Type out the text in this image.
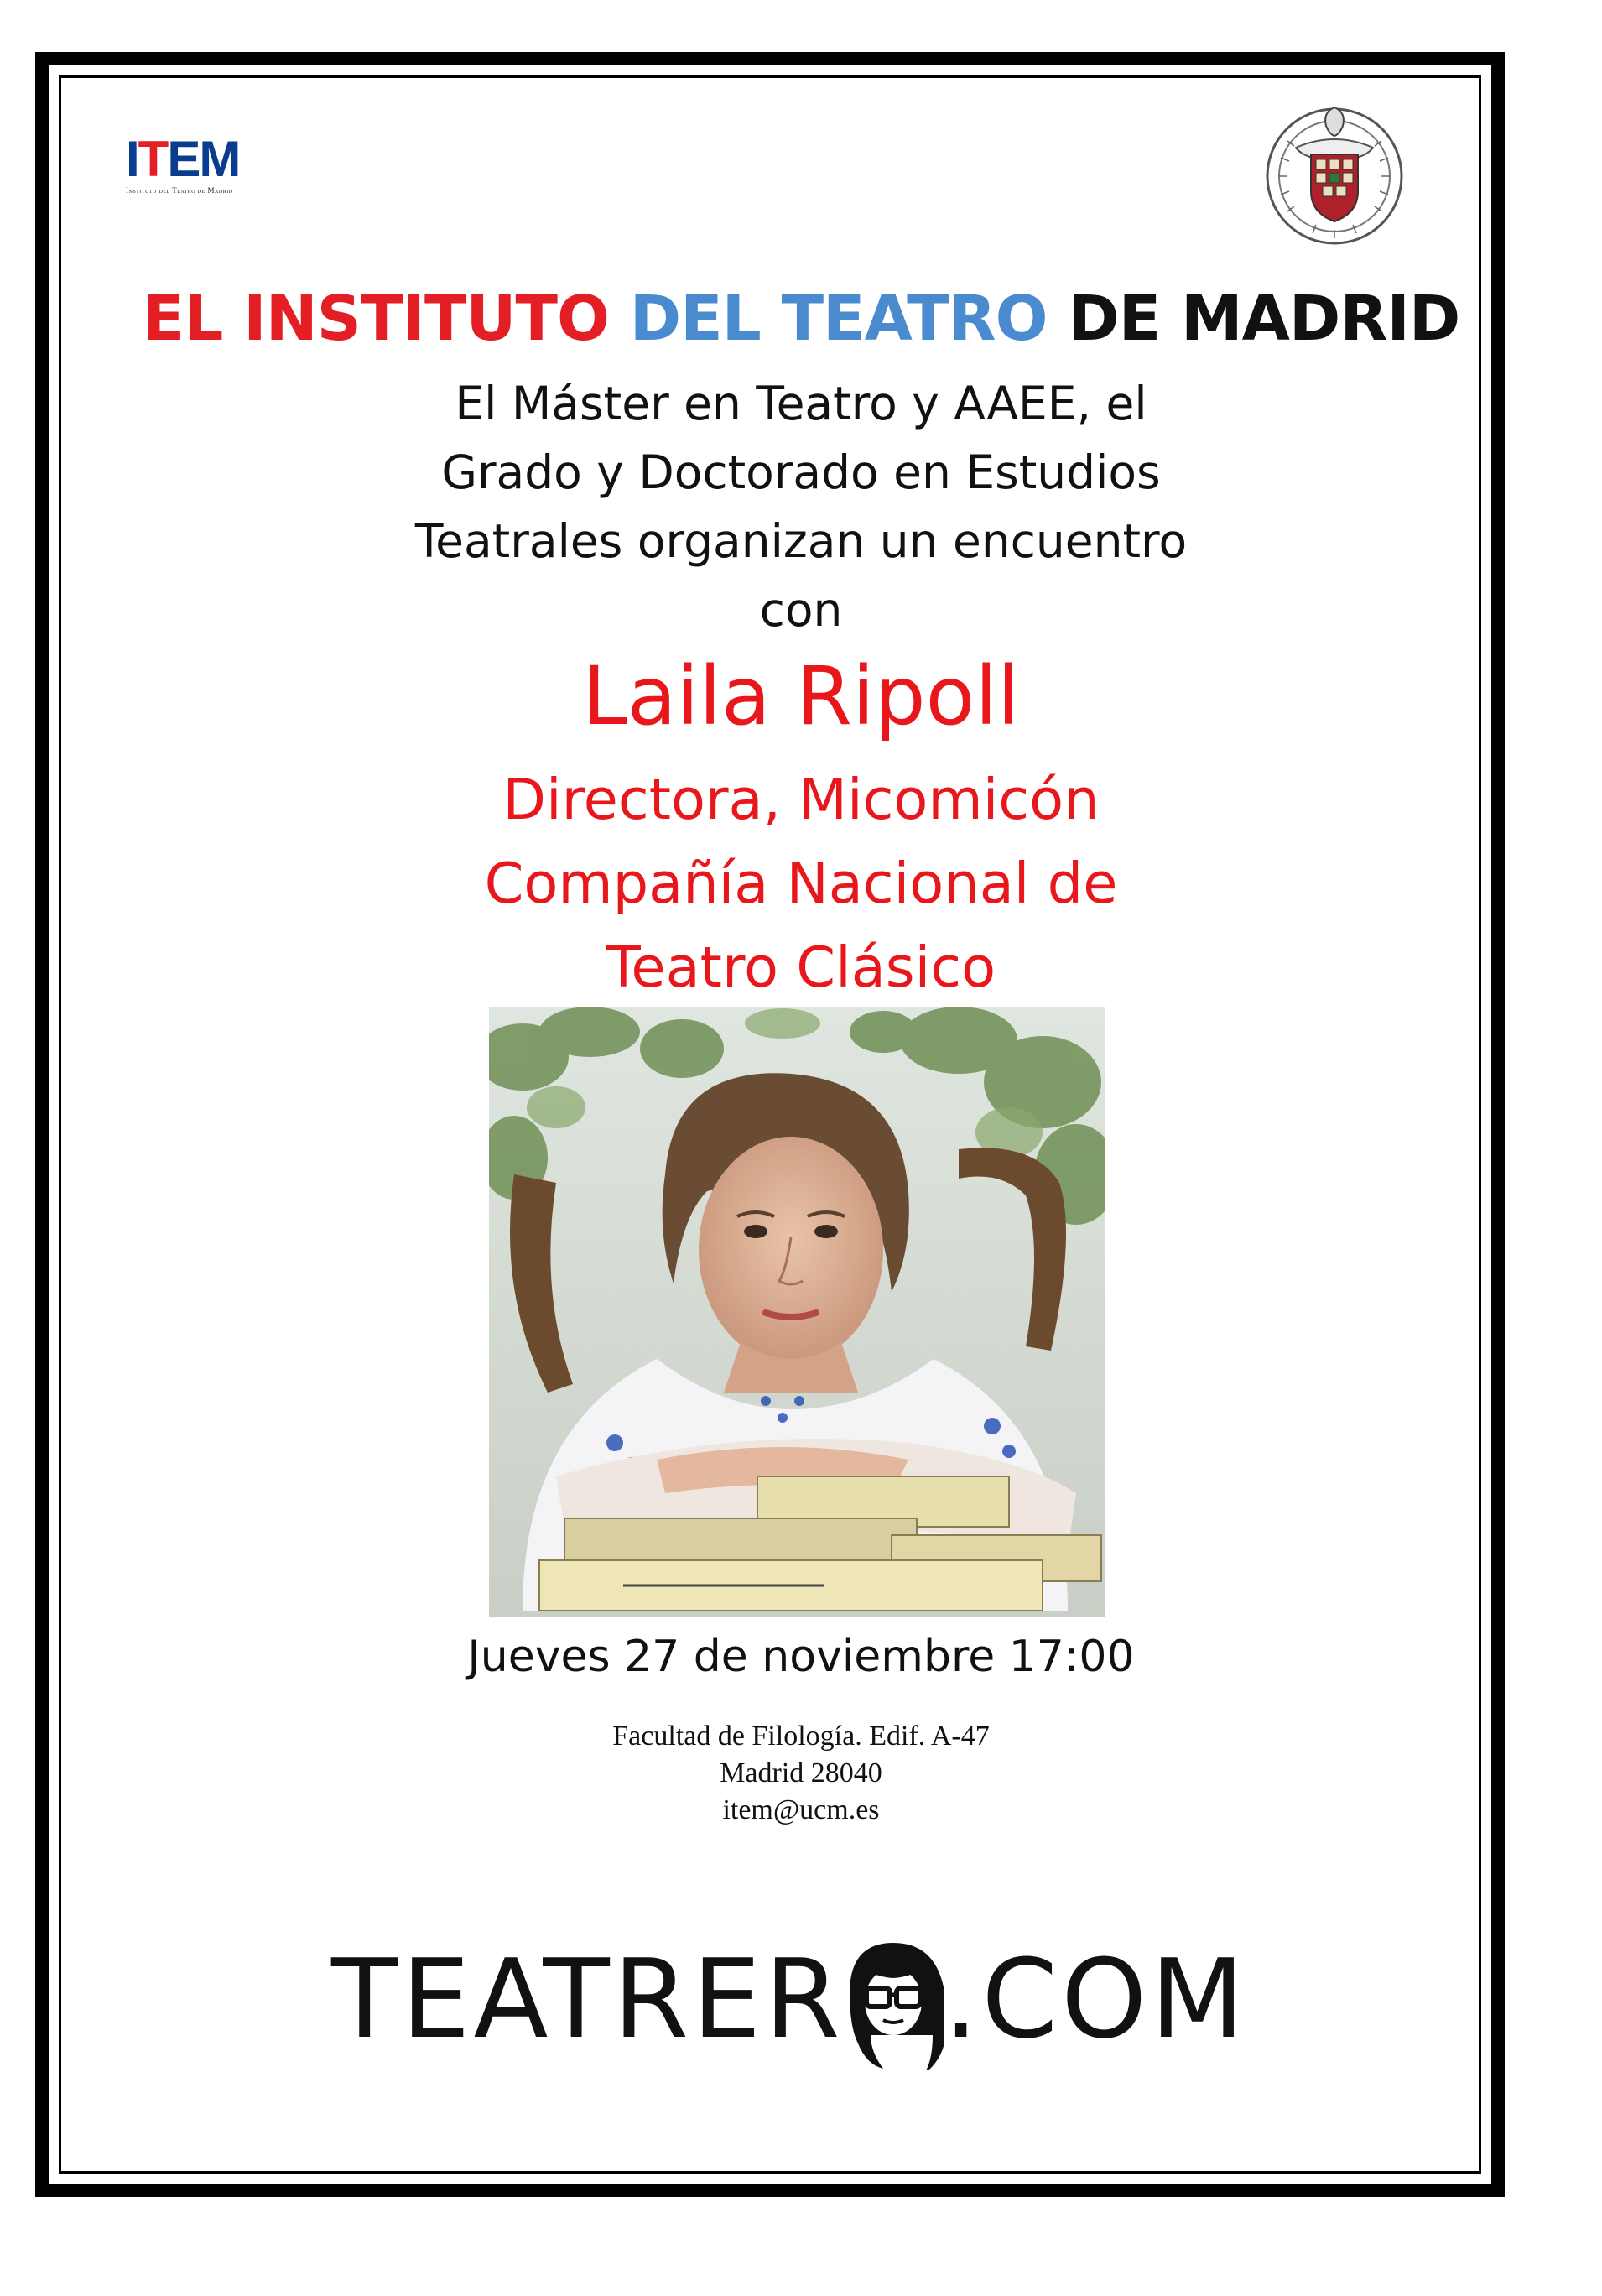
ITEM
Instituto del Teatro de Madrid
EL INSTITUTO DEL TEATRO DE MADRID
El Máster en Teatro y AAEE, el
Grado y Doctorado en Estudios
Teatrales organizan un encuentro
con
Laila Ripoll
Directora, Micomicón
Compañía Nacional de
Teatro Clásico
Jueves 27 de noviembre 17:00
Facultad de Filología. Edif. A-47
Madrid 28040
item@ucm.es
TEATRER .COM
